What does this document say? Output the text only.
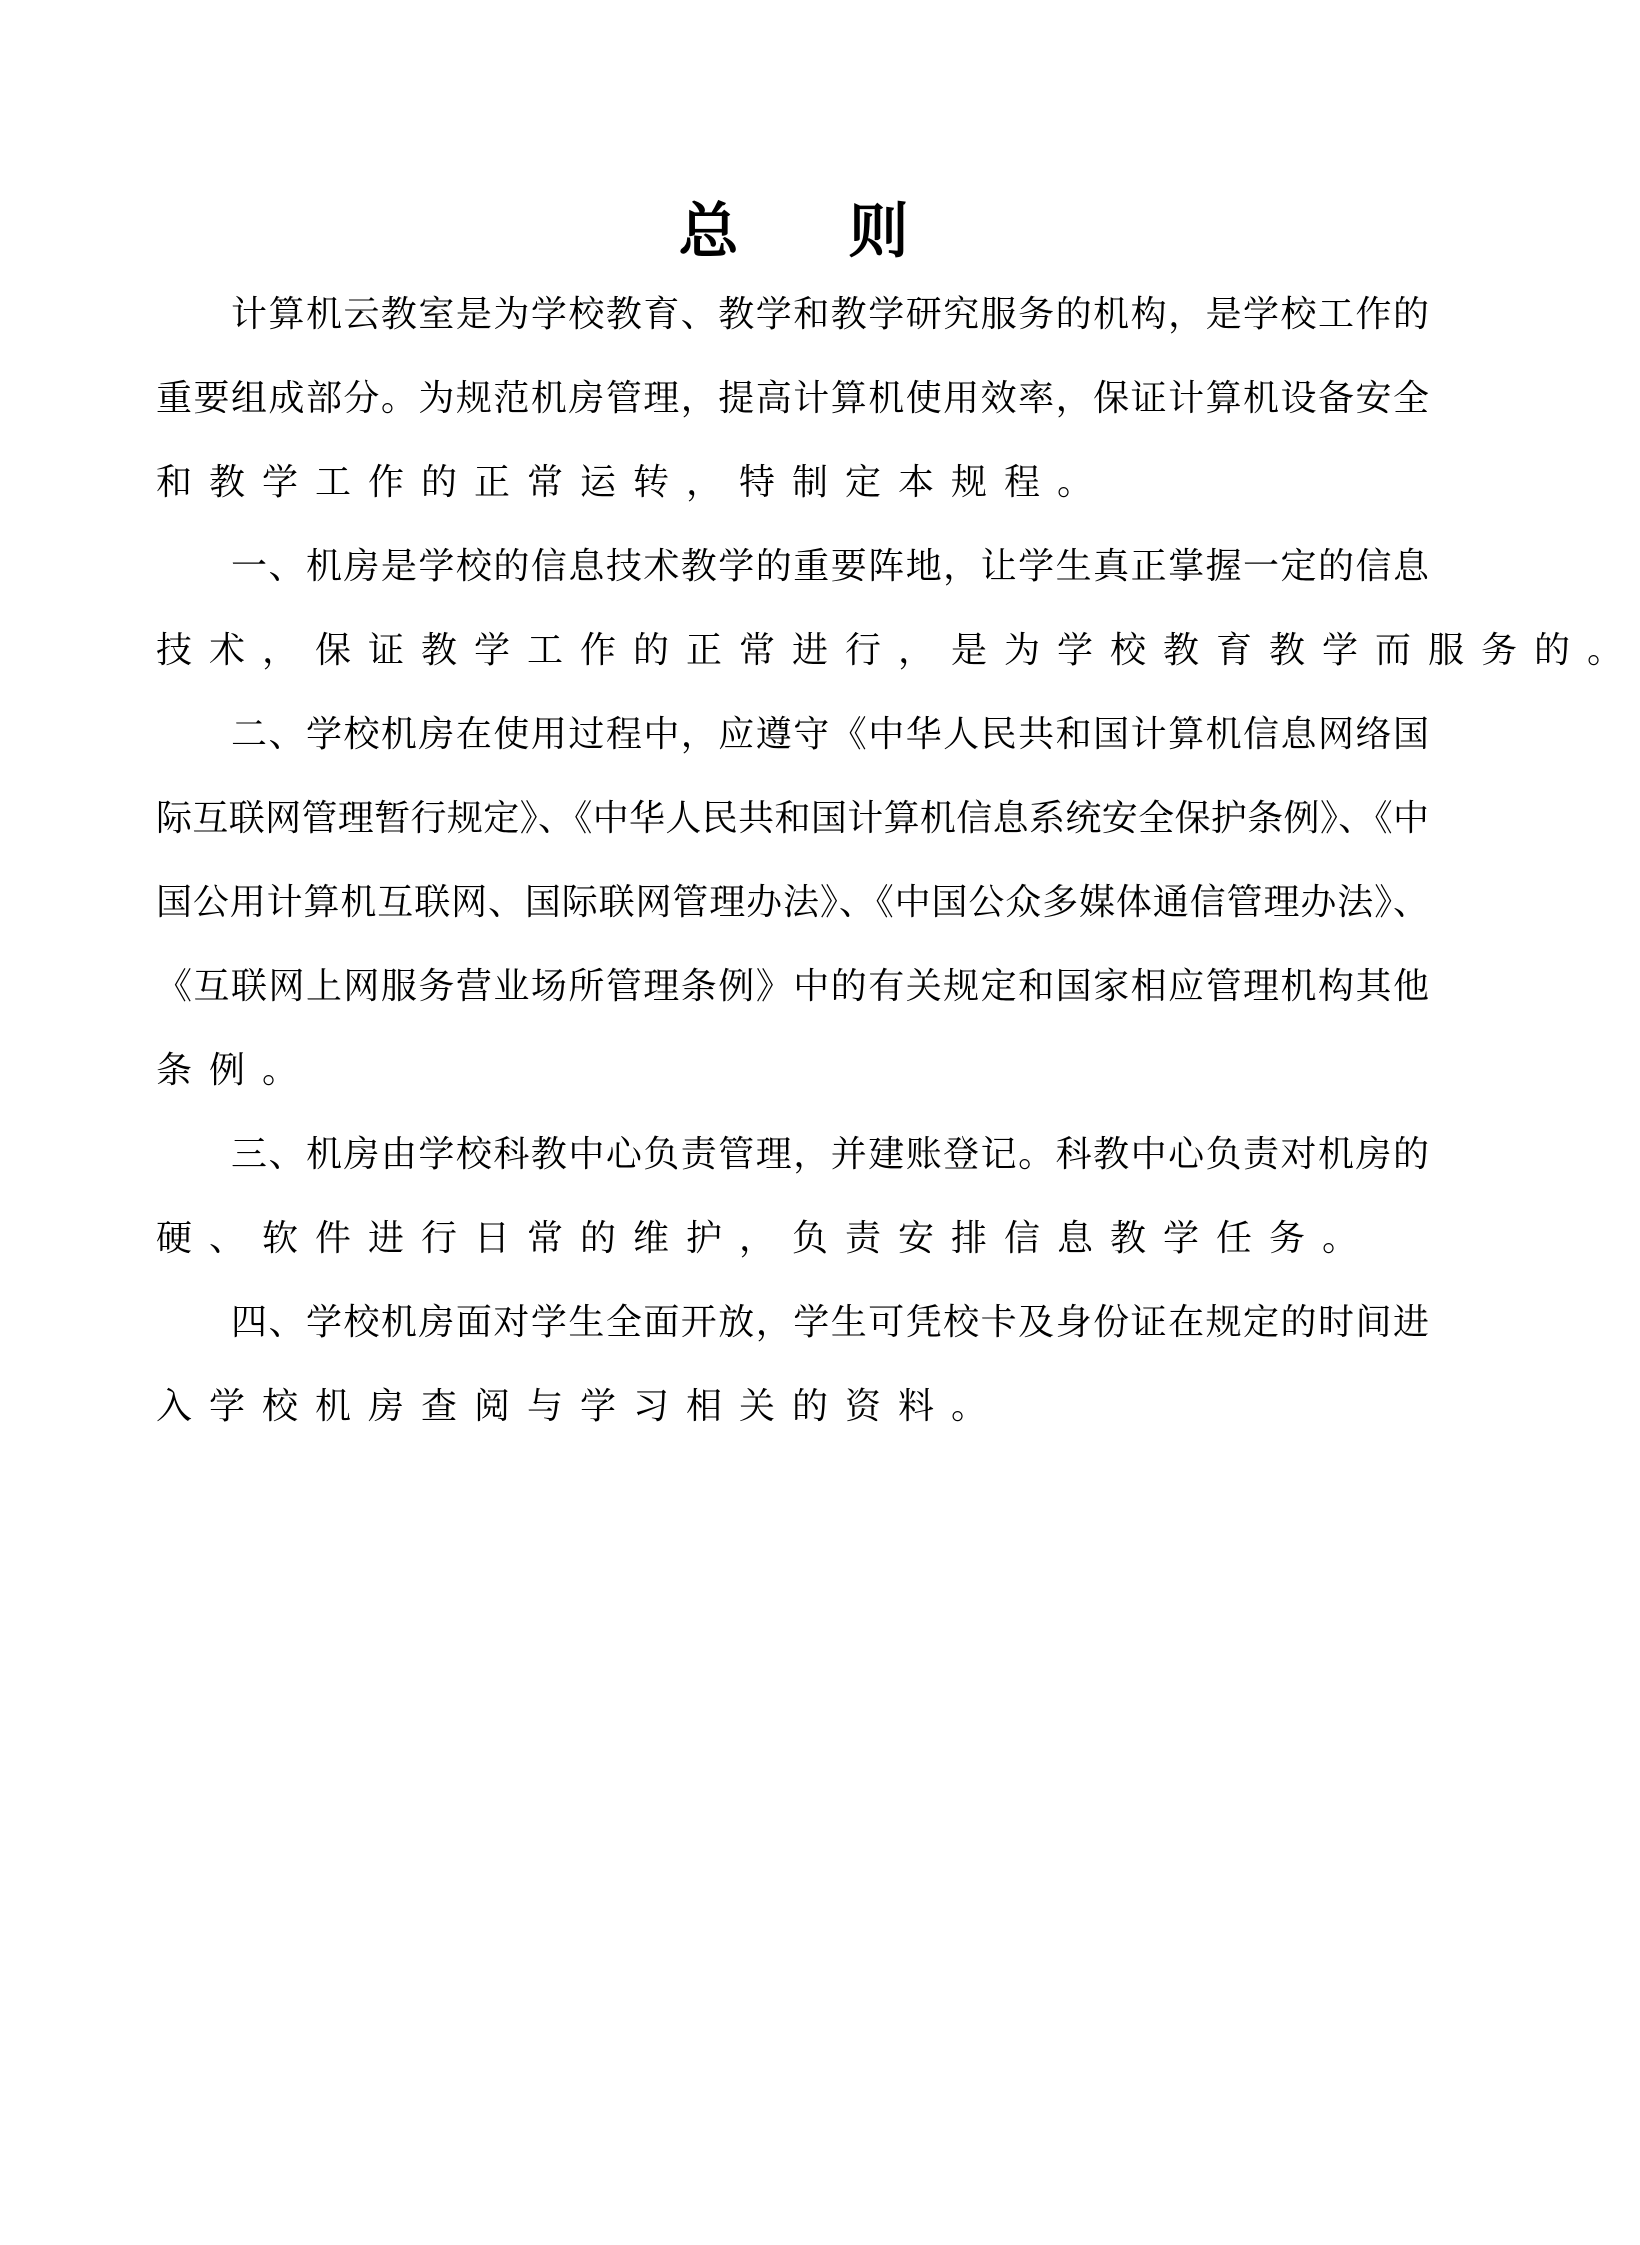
总 则
计算机云教室是为学校教育、教学和教学研究服务的机构，是学校工作的
重要组成部分。为规范机房管理，提高计算机使用效率，保证计算机设备安全
和教学工作的正常运转，特制定本规程。
一、机房是学校的信息技术教学的重要阵地，让学生真正掌握一定的信息
技术，保证教学工作的正常进行，是为学校教育教学而服务的。
二、学校机房在使用过程中，应遵守《中华人民共和国计算机信息网络国
际互联网管理暂行规定》、《中华人民共和国计算机信息系统安全保护条例》、《中
国公用计算机互联网、国际联网管理办法》、《中国公众多媒体通信管理办法》、
《互联网上网服务营业场所管理条例》中的有关规定和国家相应管理机构其他
条例。
三、机房由学校科教中心负责管理，并建账登记。科教中心负责对机房的
硬、软件进行日常的维护，负责安排信息教学任务。
四、学校机房面对学生全面开放，学生可凭校卡及身份证在规定的时间进
入学校机房查阅与学习相关的资料。
